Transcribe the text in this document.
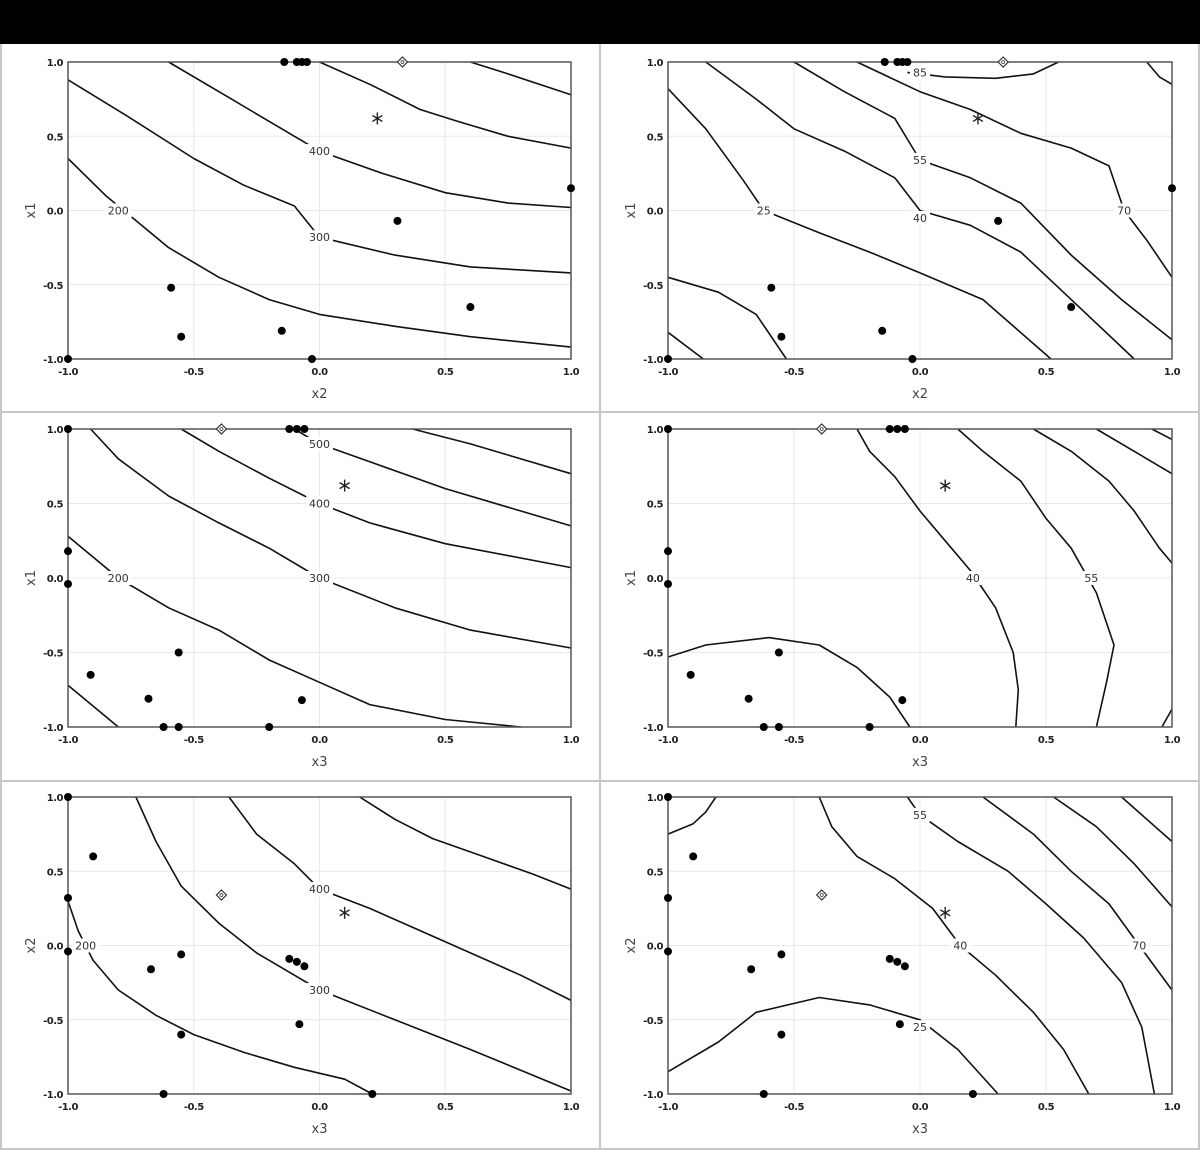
200
300
400
-1.0	-0.5	0.0	0.5	1.0
1.0
0.5
0.0
-0.5
-1.0
x2
x1
85
55
40
25	70
-1.0	-0.5	0.0	0.5	1.0
1.0
0.5
0.0
-0.5
-1.0
x2
x1
200	300
400
500
-1.0	-0.5	0.0	0.5	1.0
1.0
0.5
0.0
-0.5
-1.0
x3
x1	40	55
-1.0	-0.5	0.0	0.5	1.0
1.0
0.5
0.0
-0.5
-1.0
x3
x1
200
300
400
-1.0	-0.5	0.0	0.5	1.0
1.0
0.5
0.0
-0.5
-1.0
x3
x2
55
40
25
70
-1.0	-0.5	0.0	0.5	1.0
1.0
0.5
0.0
-0.5
-1.0
x3
x2
